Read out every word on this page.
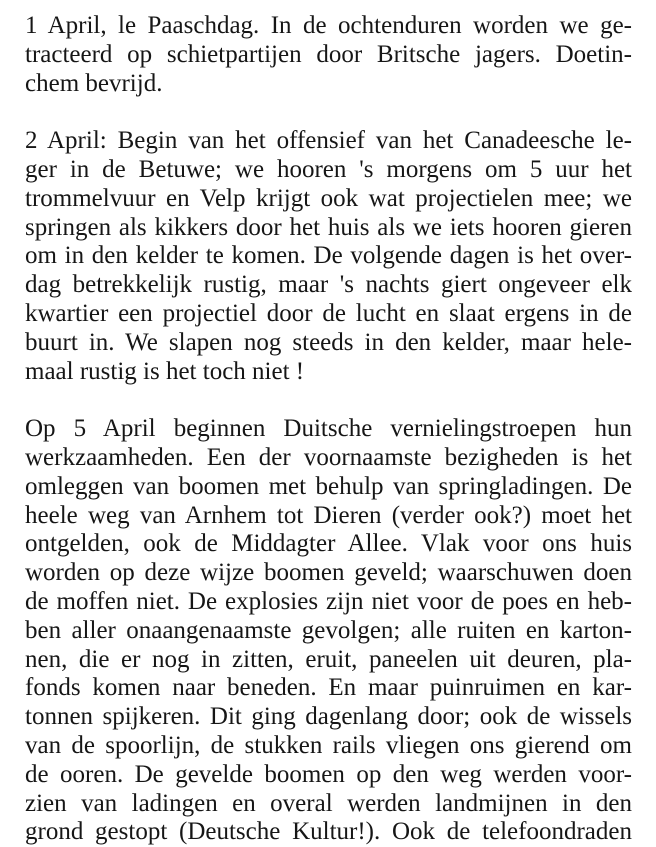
1 April, le Paaschdag. In de ochtenduren worden we ge-
tracteerd op schietpartijen door Britsche jagers. Doetin-
chem bevrijd.
2 April: Begin van het offensief van het Canadeesche le-
ger in de Betuwe; we hooren 's morgens om 5 uur het
trommelvuur en Velp krijgt ook wat projectielen mee; we
springen als kikkers door het huis als we iets hooren gieren
om in den kelder te komen. De volgende dagen is het over-
dag betrekkelijk rustig, maar 's nachts giert ongeveer elk
kwartier een projectiel door de lucht en slaat ergens in de
buurt in. We slapen nog steeds in den kelder, maar hele-
maal rustig is het toch niet !
Op 5 April beginnen Duitsche vernielingstroepen hun
werkzaamheden. Een der voornaamste bezigheden is het
omleggen van boomen met behulp van springladingen. De
heele weg van Arnhem tot Dieren (verder ook?) moet het
ontgelden, ook de Middagter Allee. Vlak voor ons huis
worden op deze wijze boomen geveld; waarschuwen doen
de moffen niet. De explosies zijn niet voor de poes en heb-
ben aller onaangenaamste gevolgen; alle ruiten en karton-
nen, die er nog in zitten, eruit, paneelen uit deuren, pla-
fonds komen naar beneden. En maar puinruimen en kar-
tonnen spijkeren. Dit ging dagenlang door; ook de wissels
van de spoorlijn, de stukken rails vliegen ons gierend om
de ooren. De gevelde boomen op den weg werden voor-
zien van ladingen en overal werden landmijnen in den
grond gestopt (Deutsche Kultur!). Ook de telefoondraden
